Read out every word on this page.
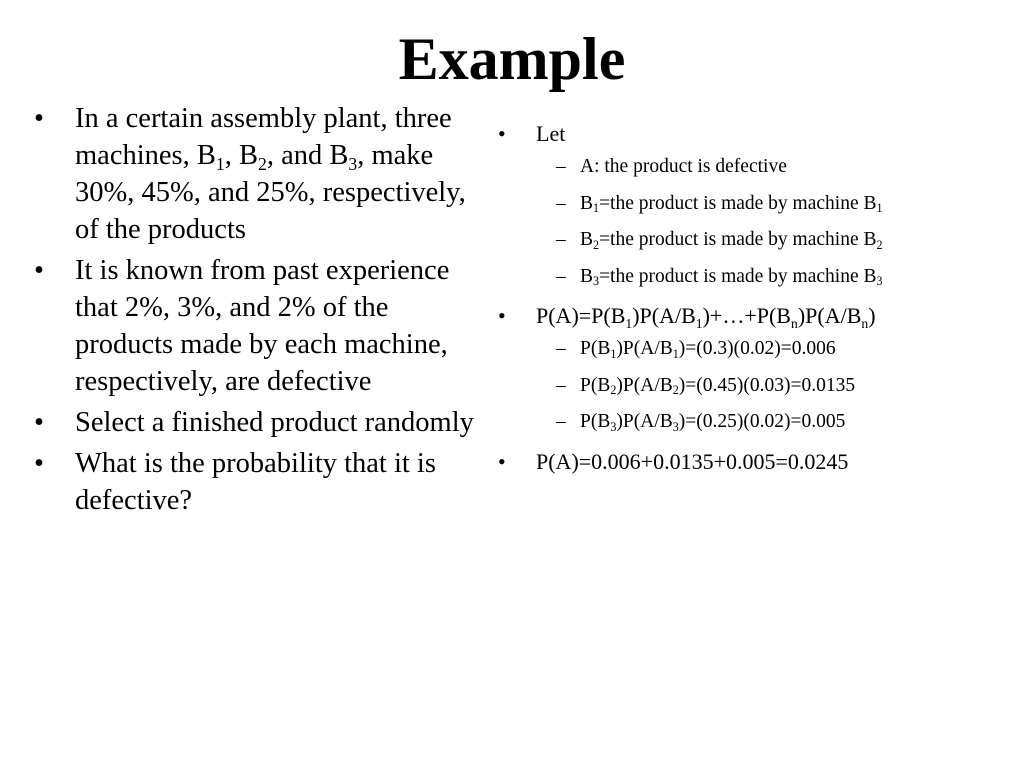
Example
• In a certain assembly plant, three machines, $B_1$, $B_2$, and $B_3$, make 30%, 45%, and 25%, respectively, of the products
• It is known from past experience that 2%, 3%, and 2% of the products made by each machine, respectively, are defective
• Select a finished product randomly
• What is the probability that it is defective?
• Let
– A: the product is defective
– $B_1=the$ product is made by machine $B_1$
– $B_2=the$ product is made by machine $B_2$
– $B_3=the$ product is made by machine $B_3$
• $P(A)=P(B_1)P(A/B_1)+\dots+P(B_n)P(A/B_n)$
– $P(B_1)P(A/B_1)=(0.3)(0.02)=0.006$
– $P(B_2)P(A/B_2)=(0.45)(0.03)=0.0135$
– $P(B_3)P(A/B_3)=(0.25)(0.02)=0.005$
• P(A)=0.006+0.0135+0.005=0.0245
